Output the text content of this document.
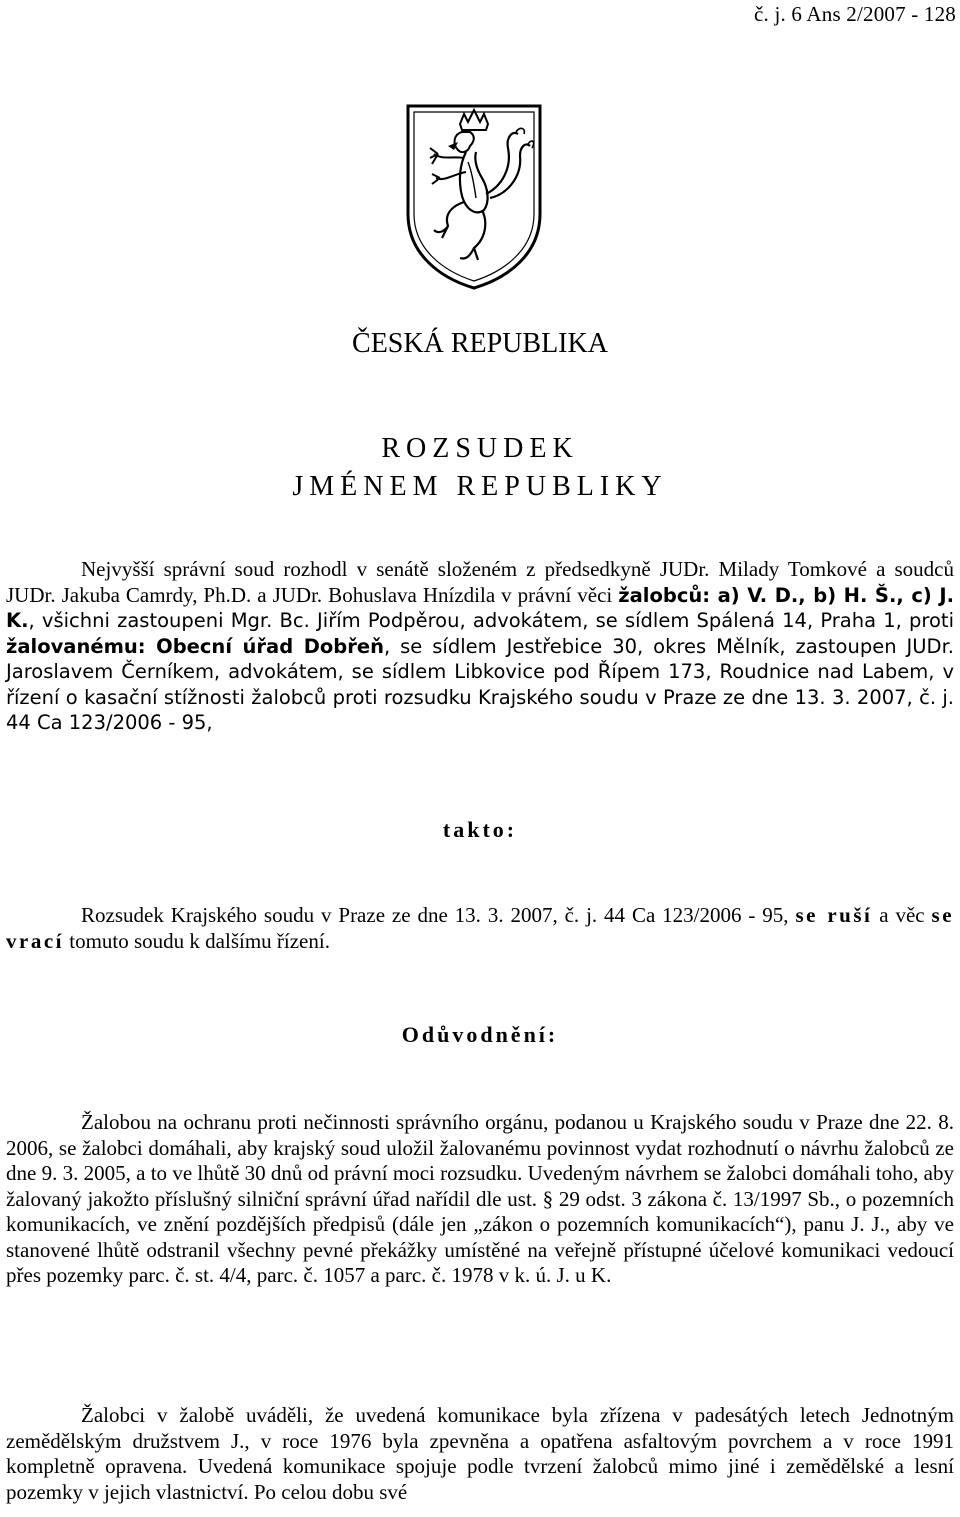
č. j. 6 Ans 2/2007 - 128
ČESKÁ REPUBLIKA
ROZSUDEK
JMÉNEM REPUBLIKY

Nejvyšší správní soud rozhodl v senátě složeném z předsedkyně JUDr. Milady Tomkové a soudců JUDr. Jakuba Camrdy, Ph.D. a JUDr. Bohuslava Hnízdila v právní věci žalobců: a) V. D., b) H. Š., c) J. K., všichni zastoupeni Mgr. Bc. Jiřím Podpěrou, advokátem, se sídlem Spálená 14, Praha 1, proti žalovanému: Obecní úřad Dobřeň, se sídlem Jestřebice 30, okres Mělník, zastoupen JUDr. Jaroslavem Černíkem, advokátem, se sídlem Libkovice pod Řípem 173, Roudnice nad Labem, v řízení o kasační stížnosti žalobců proti rozsudku Krajského soudu v Praze ze dne 13. 3. 2007, č. j. 44 Ca 123/2006 - 95,

takto:

Rozsudek Krajského soudu v Praze ze dne 13. 3. 2007, č. j. 44 Ca 123/2006 - 95, se ruší a věc se vrací tomuto soudu k dalšímu řízení.

Odůvodnění:

Žalobou na ochranu proti nečinnosti správního orgánu, podanou u Krajského soudu v Praze dne 22. 8. 2006, se žalobci domáhali, aby krajský soud uložil žalovanému povinnost vydat rozhodnutí o návrhu žalobců ze dne 9. 3. 2005, a to ve lhůtě 30 dnů od právní moci rozsudku. Uvedeným návrhem se žalobci domáhali toho, aby žalovaný jakožto příslušný silniční správní úřad nařídil dle ust. § 29 odst. 3 zákona č. 13/1997 Sb., o pozemních komunikacích, ve znění pozdějších předpisů (dále jen „zákon o pozemních komunikacích“), panu J. J., aby ve stanovené lhůtě odstranil všechny pevné překážky umístěné na veřejně přístupné účelové komunikaci vedoucí přes pozemky parc. č. st. 4/4, parc. č. 1057 a parc. č. 1978 v k. ú. J. u K.

Žalobci v žalobě uváděli, že uvedená komunikace byla zřízena v padesátých letech Jednotným zemědělským družstvem J., v roce 1976 byla zpevněna a opatřena asfaltovým povrchem a v roce 1991 kompletně opravena. Uvedená komunikace spojuje podle tvrzení žalobců mimo jiné i zemědělské a lesní pozemky v jejich vlastnictví. Po celou dobu své
